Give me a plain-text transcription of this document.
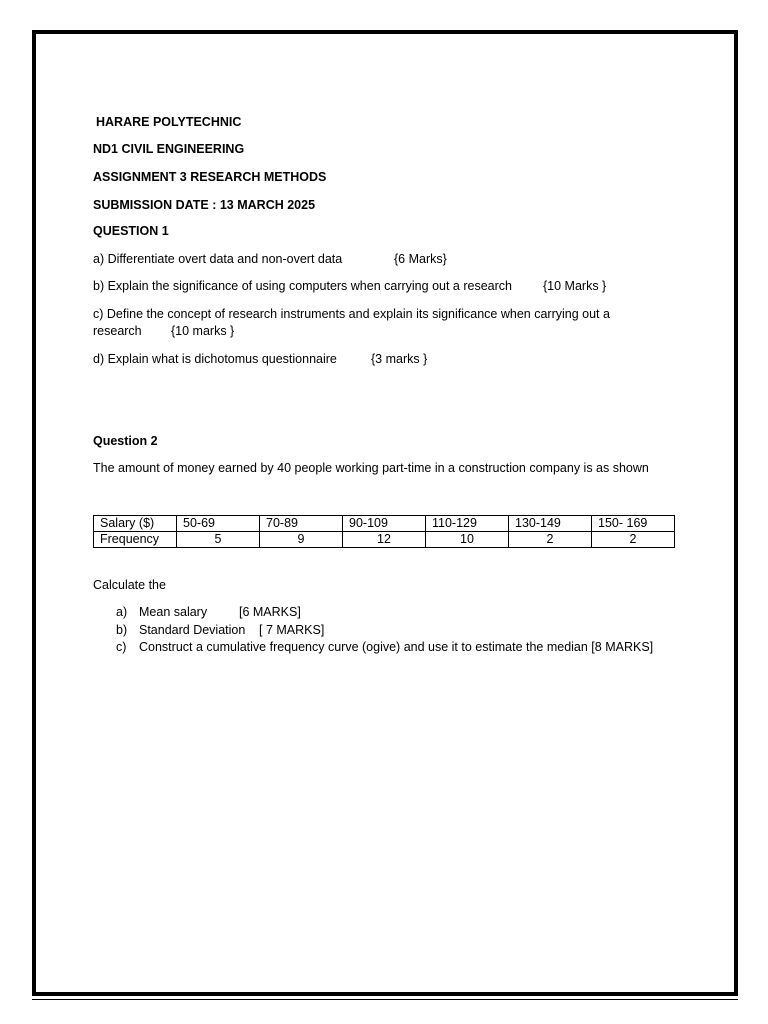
HARARE POLYTECHNIC
ND1 CIVIL ENGINEERING
ASSIGNMENT 3 RESEARCH METHODS
SUBMISSION DATE : 13 MARCH 2025
QUESTION 1
a) Differentiate overt data and non-overt data	{6 Marks}
b) Explain the significance of using computers when carrying out a research {10 Marks }
c) Define the concept of research instruments and explain its significance when carrying out a
research {10 marks }
d) Explain what is dichotomus questionnaire	{3 marks }
Question 2
The amount of money earned by 40 people working part-time in a construction company is as shown
Salary ($)	50-69	70-89	90-109	110-129	130-149	150- 169
Frequency	5	9	12	10	2	2
Calculate the
a) Mean salary	[6 MARKS]
b) Standard Deviation [ 7 MARKS]
c) Construct a cumulative frequency curve (ogive) and use it to estimate the median [8 MARKS]
